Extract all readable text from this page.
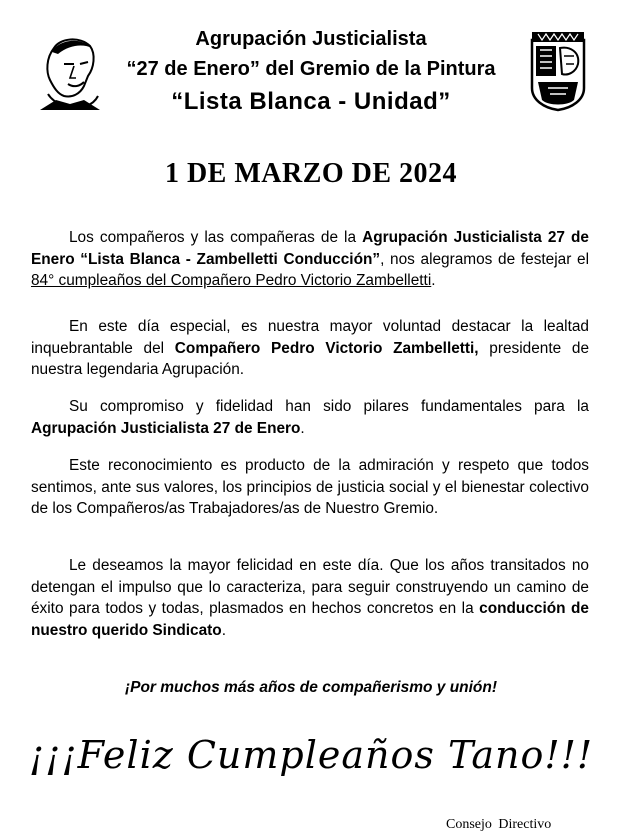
Agrupación Justicialista
“27 de Enero” del Gremio de la Pintura
“Lista Blanca - Unidad”
1 DE MARZO DE 2024

Los compañeros y las compañeras de la Agrupación Justicialista 27 de Enero “Lista Blanca - Zambelletti Conducción”, nos alegramos de festejar el 84° cumpleaños del Compañero Pedro Victorio Zambelletti.

En este día especial, es nuestra mayor voluntad destacar la lealtad inquebrantable del Compañero Pedro Victorio Zambelletti, presidente de nuestra legendaria Agrupación.

Su compromiso y fidelidad han sido pilares fundamentales para la Agrupación Justicialista 27 de Enero.

Este reconocimiento es producto de la admiración y respeto que todos sentimos, ante sus valores, los principios de justicia social y el bienestar colectivo de los Compañeros/as Trabajadores/as de Nuestro Gremio.

Le deseamos la mayor felicidad en este día. Que los años transitados no detengan el impulso que lo caracteriza, para seguir construyendo un camino de éxito para todos y todas, plasmados en hechos concretos en la conducción de nuestro querido Sindicato.

¡Por muchos más años de compañerismo y unión!
¡¡¡Feliz Cumpleaños Tano!!!
Consejo Directivo
